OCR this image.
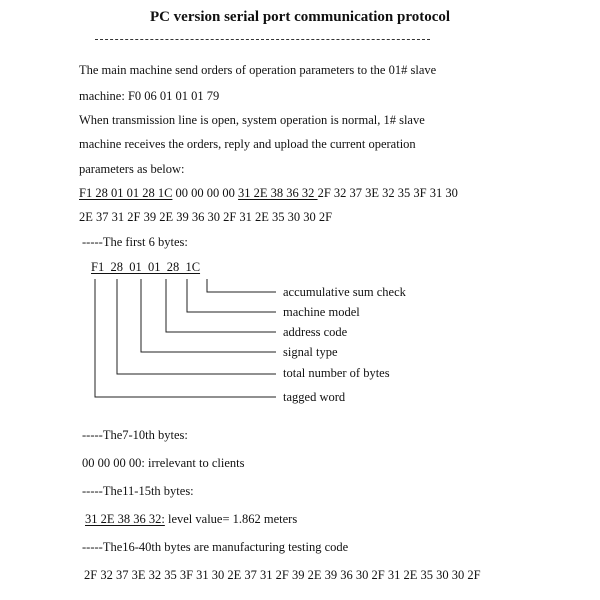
PC version serial port communication protocol
The main machine send orders of operation parameters to the 01# slave
machine: F0 06 01 01 01 79
When transmission line is open, system operation is normal, 1# slave
machine receives the orders, reply and upload the current operation
parameters as below:
F1 28 01 01 28 1C 00 00 00 00 31 2E 38 36 32 2F 32 37 3E 32 35 3F 31 30
2E 37 31 2F 39 2E 39 36 30 2F 31 2E 35 30 30 2F
-----The first 6 bytes:
F1  28  01  01  28  1C
accumulative sum check
machine model
address code
signal type
total number of bytes
tagged word
-----The7-10th bytes:
00 00 00 00: irrelevant to clients
-----The11-15th bytes:
31 2E 38 36 32: level value= 1.862 meters
-----The16-40th bytes are manufacturing testing code
2F 32 37 3E 32 35 3F 31 30 2E 37 31 2F 39 2E 39 36 30 2F 31 2E 35 30 30 2F
